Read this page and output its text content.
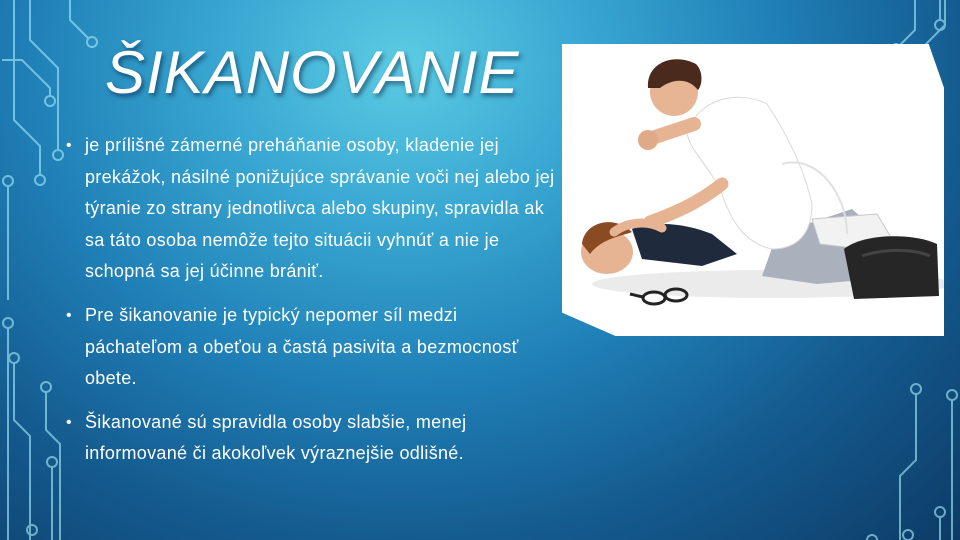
ŠIKANOVANIE
• je prílišné zámerné preháňanie osoby, kladenie jej prekážok, násilné ponižujúce správanie voči nej alebo jej týranie zo strany jednotlivca alebo skupiny, spravidla ak sa táto osoba nemôže tejto situácii vyhnúť a nie je schopná sa jej účinne brániť.
• Pre šikanovanie je typický nepomer síl medzi páchateľom a obeťou a častá pasivita a bezmocnosť obete.
• Šikanované sú spravidla osoby slabšie, menej informované či akokoľvek výraznejšie odlišné.
